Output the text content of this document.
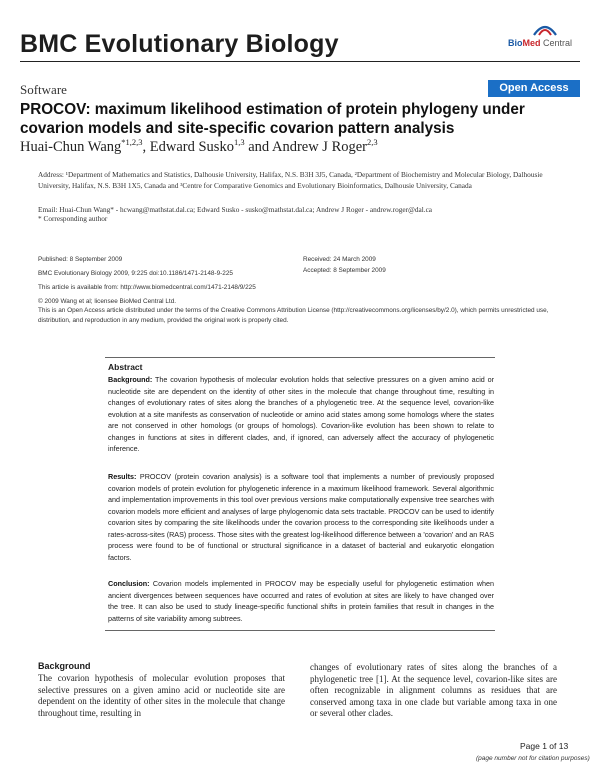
BMC Evolutionary Biology	BioMed Central
Software	Open Access
PROCOV: maximum likelihood estimation of protein phylogeny under covarion models and site-specific covarion pattern analysis
Huai-Chun Wang$^{*1,2,3}$, Edward Susko$^{1,3}$ and Andrew J Roger$^{2,3}$
Address: ¹Department of Mathematics and Statistics, Dalhousie University, Halifax, N.S. B3H 3J5, Canada, ²Department of Biochemistry and Molecular Biology, Dalhousie University, Halifax, N.S. B3H 1X5, Canada and ³Centre for Comparative Genomics and Evolutionary Bioinformatics, Dalhousie University, Canada
Email: Huai-Chun Wang* - hcwang@mathstat.dal.ca; Edward Susko - susko@mathstat.dal.ca; Andrew J Roger - andrew.roger@dal.ca
* Corresponding author
Published: 8 September 2009
BMC Evolutionary Biology 2009, 9:225 doi:10.1186/1471-2148-9-225
Received: 24 March 2009
Accepted: 8 September 2009
This article is available from: http://www.biomedcentral.com/1471-2148/9/225
© 2009 Wang et al; licensee BioMed Central Ltd.
This is an Open Access article distributed under the terms of the Creative Commons Attribution License (http://creativecommons.org/licenses/by/2.0), which permits unrestricted use, distribution, and reproduction in any medium, provided the original work is properly cited.
Abstract
Background: The covarion hypothesis of molecular evolution holds that selective pressures on a given amino acid or nucleotide site are dependent on the identity of other sites in the molecule that change throughout time, resulting in changes of evolutionary rates of sites along the branches of a phylogenetic tree. At the sequence level, covarion-like evolution at a site manifests as conservation of nucleotide or amino acid states among some homologs where the states are not conserved in other homologs (or groups of homologs). Covarion-like evolution has been shown to relate to changes in functions at sites in different clades, and, if ignored, can adversely affect the accuracy of phylogenetic inference.
Results: PROCOV (protein covarion analysis) is a software tool that implements a number of previously proposed covarion models of protein evolution for phylogenetic inference in a maximum likelihood framework. Several algorithmic and implementation improvements in this tool over previous versions make computationally expensive tree searches with covarion models more efficient and analyses of large phylogenomic data sets tractable. PROCOV can be used to identify covarion sites by comparing the site likelihoods under the covarion process to the corresponding site likelihoods under a rates-across-sites (RAS) process. Those sites with the greatest log-likelihood difference between a 'covarion' and an RAS process were found to be of functional or structural significance in a dataset of bacterial and eukaryotic elongation factors.
Conclusion: Covarion models implemented in PROCOV may be especially useful for phylogenetic estimation when ancient divergences between sequences have occurred and rates of evolution at sites are likely to have changed over the tree. It can also be used to study lineage-specific functional shifts in protein families that result in changes in the patterns of site variability among subtrees.
Background
The covarion hypothesis of molecular evolution proposes that selective pressures on a given amino acid or nucleotide site are dependent on the identity of other sites in the molecule that change throughout time, resulting in
changes of evolutionary rates of sites along the branches of a phylogenetic tree [1]. At the sequence level, covarion-like sites are often recognizable in alignment columns as residues that are conserved among taxa in one clade but variable among taxa in one or several other clades.
Page 1 of 13
(page number not for citation purposes)
